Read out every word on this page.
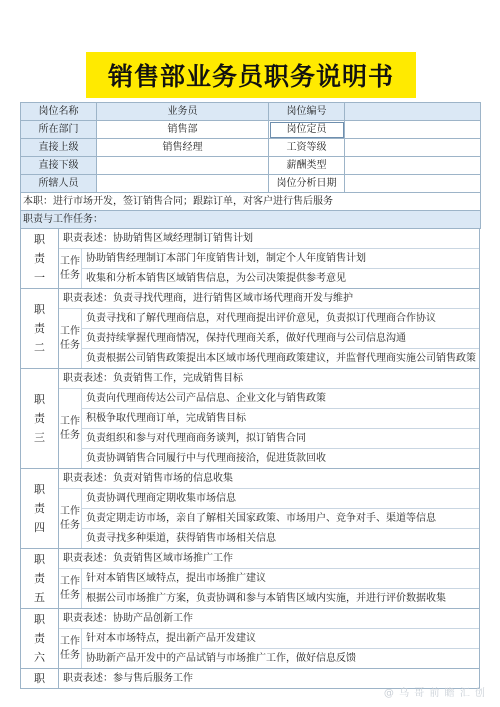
销售部业务员职务说明书
岗位名称	业务员	岗位编号	
所在部门	销售部	岗位定员	
直接上级	销售经理	工资等级	
直接下级		薪酬类型	
所辖人员		岗位分析日期	
本职：进行市场开发，签订销售合同；跟踪订单，对客户进行售后服务			
职责与工作任务：			
职
责
一
职责表述：协助销售区域经理制订销售计划
工作
任务
协助销售经理制订本部门年度销售计划，制定个人年度销售计划
收集和分析本销售区域销售信息，为公司决策提供参考意见
职
责
二
职责表述：负责寻找代理商，进行销售区域市场代理商开发与维护
工作
任务
负责寻找和了解代理商信息，对代理商提出评价意见，负责拟订代理商合作协议
负责持续掌握代理商情况，保持代理商关系，做好代理商与公司信息沟通
负责根据公司销售政策提出本区域市场代理商政策建议，并监督代理商实施公司销售政策
职
责
三
职责表述：负责销售工作，完成销售目标
工作
任务
负责向代理商传达公司产品信息、企业文化与销售政策
积极争取代理商订单，完成销售目标
负责组织和参与对代理商商务谈判，拟订销售合同
负责协调销售合同履行中与代理商接洽，促进货款回收
职
责
四
职责表述：负责对销售市场的信息收集
工作
任务
负责协调代理商定期收集市场信息
负责定期走访市场，亲自了解相关国家政策、市场用户、竞争对手、渠道等信息
负责寻找多种渠道，获得销售市场相关信息
职
责
五
职责表述：负责销售区域市场推广工作
工作
任务
针对本销售区域特点，提出市场推广建议
根据公司市场推广方案，负责协调和参与本销售区域内实施，并进行评价数据收集
职
责
六
职责表述：协助产品创新工作
工作
任务
针对本市场特点，提出新产品开发建议
协助新产品开发中的产品试销与市场推广工作，做好信息反馈
职	职责表述：参与售后服务工作
@ 乌 哥 前 瞻 汇 创
